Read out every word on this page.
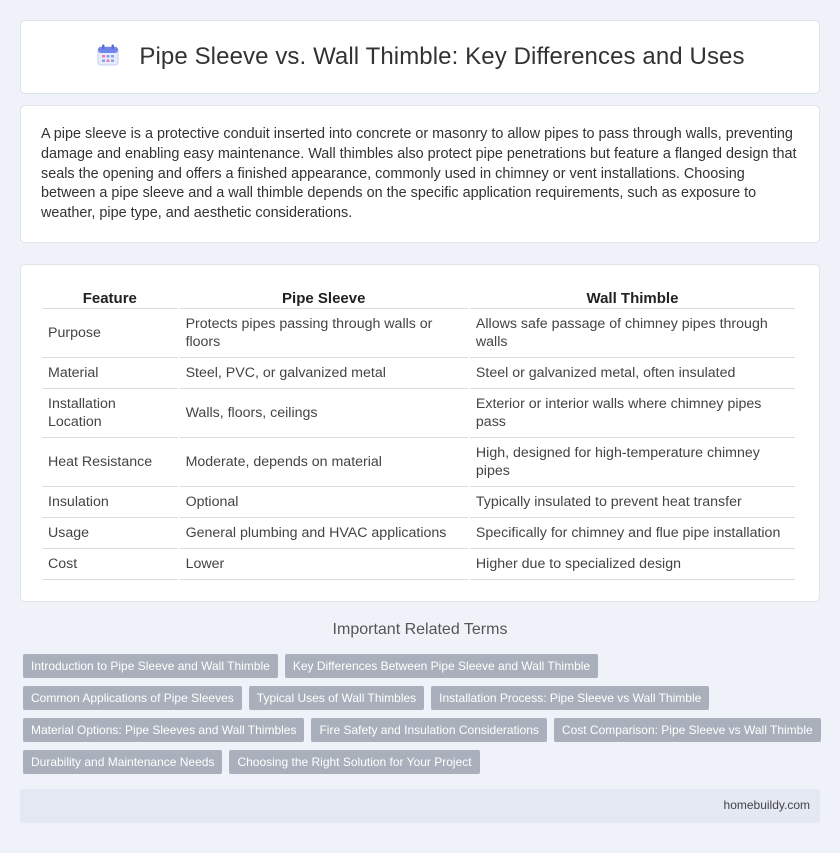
Pipe Sleeve vs. Wall Thimble: Key Differences and Uses

A pipe sleeve is a protective conduit inserted into concrete or masonry to allow pipes to pass through walls, preventing damage and enabling easy maintenance. Wall thimbles also protect pipe penetrations but feature a flanged design that seals the opening and offers a finished appearance, commonly used in chimney or vent installations. Choosing between a pipe sleeve and a wall thimble depends on the specific application requirements, such as exposure to weather, pipe type, and aesthetic considerations.

Feature	Pipe Sleeve	Wall Thimble
Purpose	Protects pipes passing through walls or floors	Allows safe passage of chimney pipes through walls
Material	Steel, PVC, or galvanized metal	Steel or galvanized metal, often insulated
Installation Location	Walls, floors, ceilings	Exterior or interior walls where chimney pipes pass
Heat Resistance	Moderate, depends on material	High, designed for high-temperature chimney pipes
Insulation	Optional	Typically insulated to prevent heat transfer
Usage	General plumbing and HVAC applications	Specifically for chimney and flue pipe installation
Cost	Lower	Higher due to specialized design
Important Related Terms
Introduction to Pipe Sleeve and Wall Thimble	Key Differences Between Pipe Sleeve and Wall Thimble
Common Applications of Pipe Sleeves	Typical Uses of Wall Thimbles	Installation Process: Pipe Sleeve vs Wall Thimble
Material Options: Pipe Sleeves and Wall Thimbles	Fire Safety and Insulation Considerations	Cost Comparison: Pipe Sleeve vs Wall Thimble
Durability and Maintenance Needs	Choosing the Right Solution for Your Project
homebuildy.com
